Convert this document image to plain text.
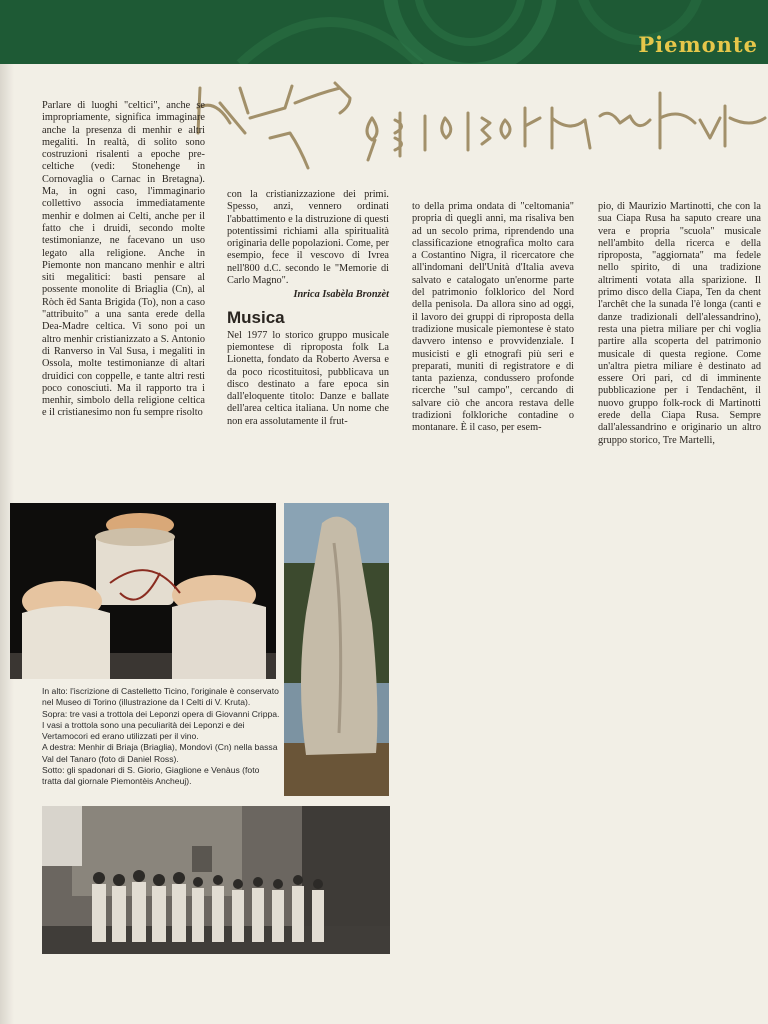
Piemonte

Parlare di luoghi "celtici", anche se impropriamente, significa immaginare anche la presenza di menhir e altri megaliti. In realtà, di solito sono costruzioni risalenti a epoche pre-celtiche (vedi: Stonehenge in Cornovaglia o Carnac in Bretagna). Ma, in ogni caso, l'immaginario collettivo associa immediatamente menhir e dolmen ai Celti, anche per il fatto che i druidi, secondo molte testimonianze, ne facevano un uso legato alla religione. Anche in Piemonte non mancano menhir e altri siti megalitici: basti pensare al possente monolite di Briaglia (Cn), al Ròch ëd Santa Brigida (To), non a caso "attribuito" a una santa erede della Dea-Madre celtica. Vi sono poi un altro menhir cristianizzato a S. Antonio di Ranverso in Val Susa, i megaliti in Ossola, molte testimonianze di altari druidici con coppelle, e tante altri resti poco conosciuti. Ma il rapporto tra i menhir, simbolo della religione celtica e il cristianesimo non fu sempre risolto

con la cristianizzazione dei primi. Spesso, anzi, vennero ordinati l'abbattimento e la distruzione di questi potentissimi richiami alla spiritualità originaria delle popolazioni. Come, per esempio, fece il vescovo di Ivrea nell'800 d.C. secondo le "Memorie di Carlo Magno".

Inrica Isabèla Bronzèt

Musica

Nel 1977 lo storico gruppo musicale piemontese di riproposta folk La Lionetta, fondato da Roberto Aversa e da poco ricostituitosi, pubblicava un disco destinato a fare epoca sin dall'eloquente titolo: Danze e ballate dell'area celtica italiana. Un nome che non era assolutamente il frut-

to della prima ondata di "celtomania" propria di quegli anni, ma risaliva ben ad un secolo prima, riprendendo una classificazione etnografica molto cara a Costantino Nigra, il ricercatore che all'indomani dell'Unità d'Italia aveva salvato e catalogato un'enorme parte del patrimonio folklorico del Nord della penisola. Da allora sino ad oggi, il lavoro dei gruppi di riproposta della tradizione musicale piemontese è stato davvero intenso e provvidenziale. I musicisti e gli etnografi più seri e preparati, muniti di registratore e di tanta pazienza, condussero profonde ricerche "sul campo", cercando di salvare ciò che ancora restava delle tradizioni folkloriche contadine o montanare. È il caso, per esem-

pio, di Maurizio Martinotti, che con la sua Ciapa Rusa ha saputo creare una vera e propria "scuola" musicale nell'ambito della ricerca e della riproposta, "aggiornata" ma fedele nello spirito, di una tradizione altrimenti votata alla sparizione. Il primo disco della Ciapa, Ten da chent l'archêt che la sunada l'è longa (canti e danze tradizionali dell'alessandrino), resta una pietra miliare per chi voglia partire alla scoperta del patrimonio musicale di questa regione. Come un'altra pietra miliare è destinato ad essere Ori pari, cd di imminente pubblicazione per i Tendachënt, il nuovo gruppo folk-rock di Martinotti erede della Ciapa Rusa. Sempre dall'alessandrino e originario un altro gruppo storico, Tre Martelli,

In alto: l'iscrizione di Castelletto Ticino, l'originale è conservato nel Museo di Torino (illustrazione da I Celti di V. Kruta).

Sopra: tre vasi a trottola dei Leponzi opera di Giovanni Crippa. I vasi a trottola sono una peculiarità dei Leponzi e dei Vertamocori ed erano utilizzati per il vino.

A destra: Menhir di Briaja (Briaglia), Mondovì (Cn) nella bassa Val del Tanaro (foto di Daniel Ross).

Sotto: gli spadonari di S. Giorio, Giaglione e Venàus (foto tratta dal giornale Piemontèis Ancheuj).
